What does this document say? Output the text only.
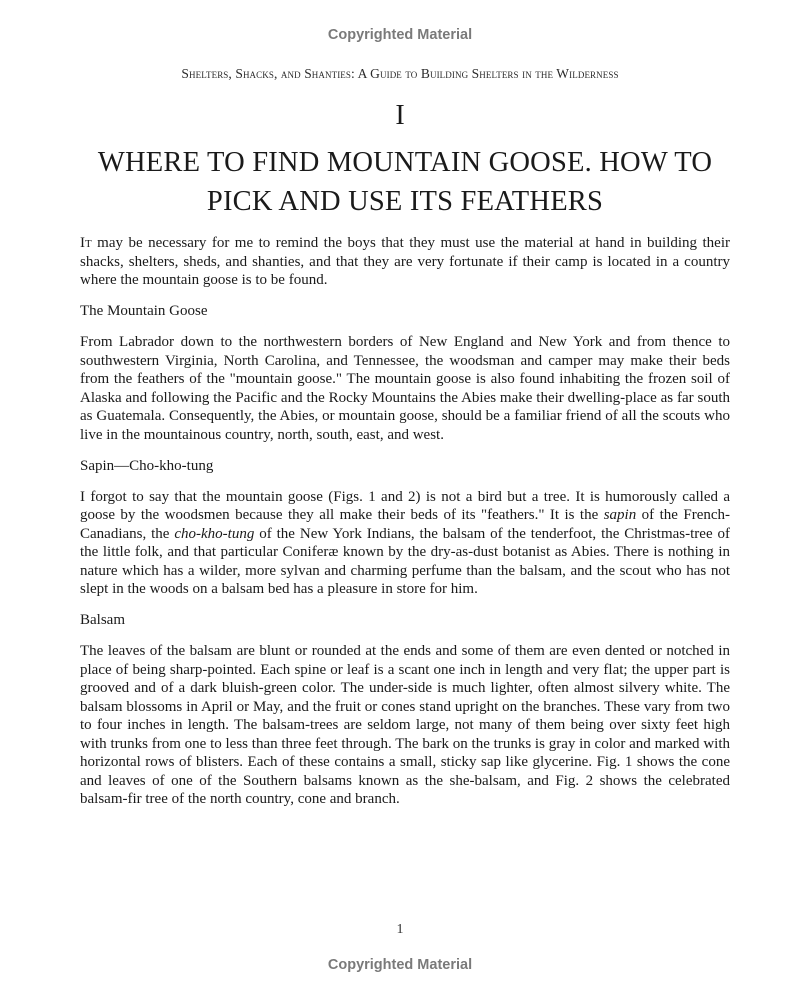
Copyrighted Material
Shelters, Shacks, and Shanties: A Guide to Building Shelters in the Wilderness
I
WHERE TO FIND MOUNTAIN GOOSE. HOW TO PICK AND USE ITS FEATHERS

It may be necessary for me to remind the boys that they must use the material at hand in building their shacks, shelters, sheds, and shanties, and that they are very fortunate if their camp is located in a country where the mountain goose is to be found.

The Mountain Goose

From Labrador down to the northwestern borders of New England and New York and from thence to southwestern Virginia, North Carolina, and Tennessee, the woodsman and camper may make their beds from the feathers of the "mountain goose." The mountain goose is also found inhabiting the frozen soil of Alaska and following the Pacific and the Rocky Mountains the Abies make their dwelling-place as far south as Guatemala. Consequently, the Abies, or mountain goose, should be a familiar friend of all the scouts who live in the mountainous country, north, south, east, and west.

Sapin—Cho-kho-tung

I forgot to say that the mountain goose (Figs. 1 and 2) is not a bird but a tree. It is humorously called a goose by the woodsmen because they all make their beds of its "feathers." It is the sapin of the French-Canadians, the cho-kho-tung of the New York Indians, the balsam of the tenderfoot, the Christmas-tree of the little folk, and that particular Coniferæ known by the dry-as-dust botanist as Abies. There is nothing in nature which has a wilder, more sylvan and charming perfume than the balsam, and the scout who has not slept in the woods on a balsam bed has a pleasure in store for him.

Balsam

The leaves of the balsam are blunt or rounded at the ends and some of them are even dented or notched in place of being sharp-pointed. Each spine or leaf is a scant one inch in length and very flat; the upper part is grooved and of a dark bluish-green color. The under-side is much lighter, often almost silvery white. The balsam blossoms in April or May, and the fruit or cones stand upright on the branches. These vary from two to four inches in length. The balsam-trees are seldom large, not many of them being over sixty feet high with trunks from one to less than three feet through. The bark on the trunks is gray in color and marked with horizontal rows of blisters. Each of these contains a small, sticky sap like glycerine. Fig. 1 shows the cone and leaves of one of the Southern balsams known as the she-balsam, and Fig. 2 shows the celebrated balsam-fir tree of the north country, cone and branch.

1
Copyrighted Material
